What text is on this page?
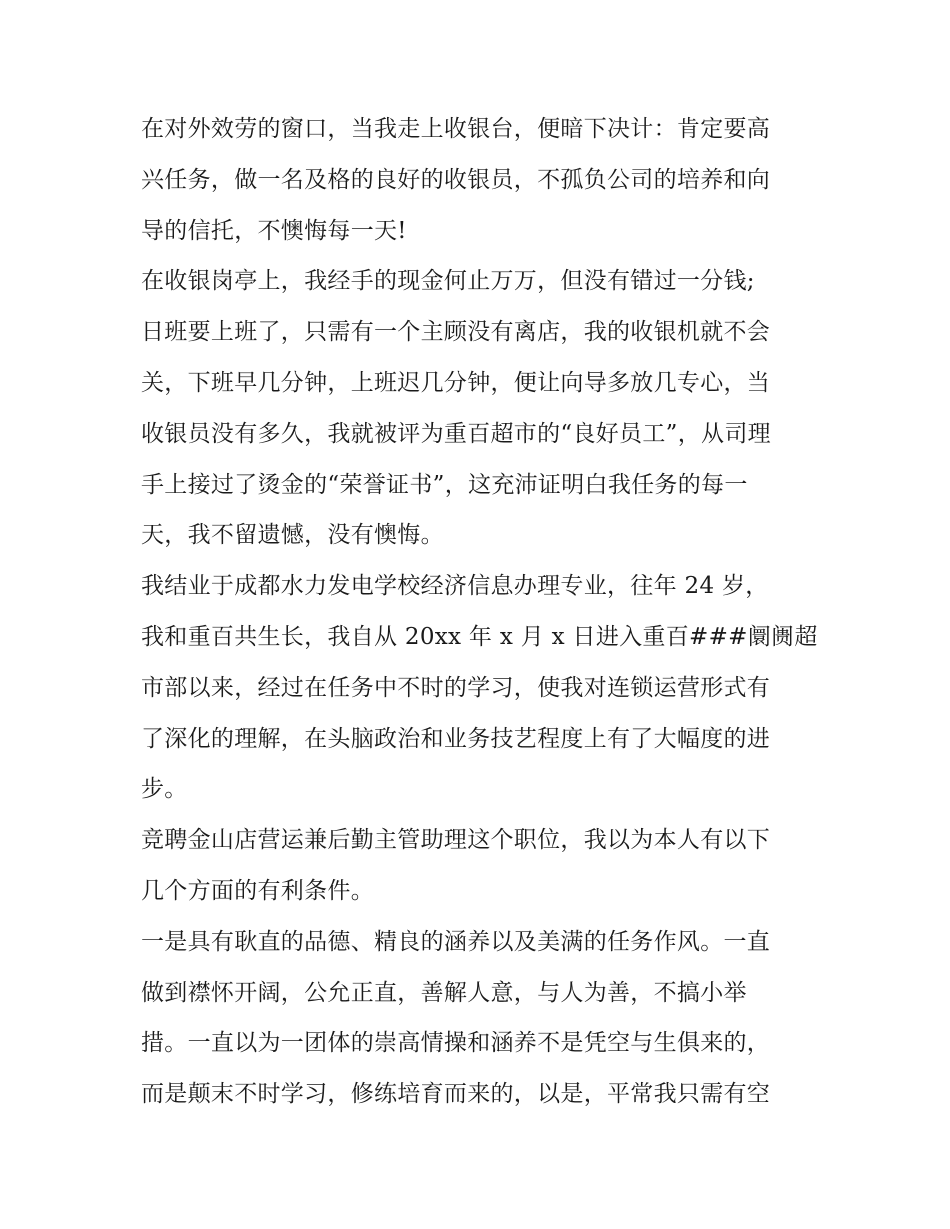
在对外效劳的窗口，当我走上收银台，便暗下决计：肯定要高
兴任务，做一名及格的良好的收银员，不孤负公司的培养和向
导的信托，不懊悔每一天!
在收银岗亭上，我经手的现金何止万万，但没有错过一分钱;
日班要上班了，只需有一个主顾没有离店，我的收银机就不会
关，下班早几分钟，上班迟几分钟，便让向导多放几专心，当
收银员没有多久，我就被评为重百超市的“良好员工”，从司理
手上接过了烫金的“荣誉证书”，这充沛证明白我任务的每一
天，我不留遗憾，没有懊悔。
我结业于成都水力发电学校经济信息办理专业，往年 24 岁，
我和重百共生长，我自从 20xx 年 x 月 x 日进入重百###阛阓超
市部以来，经过在任务中不时的学习，使我对连锁运营形式有
了深化的理解，在头脑政治和业务技艺程度上有了大幅度的进
步。
竞聘金山店营运兼后勤主管助理这个职位，我以为本人有以下
几个方面的有利条件。
一是具有耿直的品德、精良的涵养以及美满的任务作风。一直
做到襟怀开阔，公允正直，善解人意，与人为善，不搞小举
措。一直以为一团体的崇高情操和涵养不是凭空与生俱来的，
而是颠末不时学习，修练培育而来的，以是，平常我只需有空
